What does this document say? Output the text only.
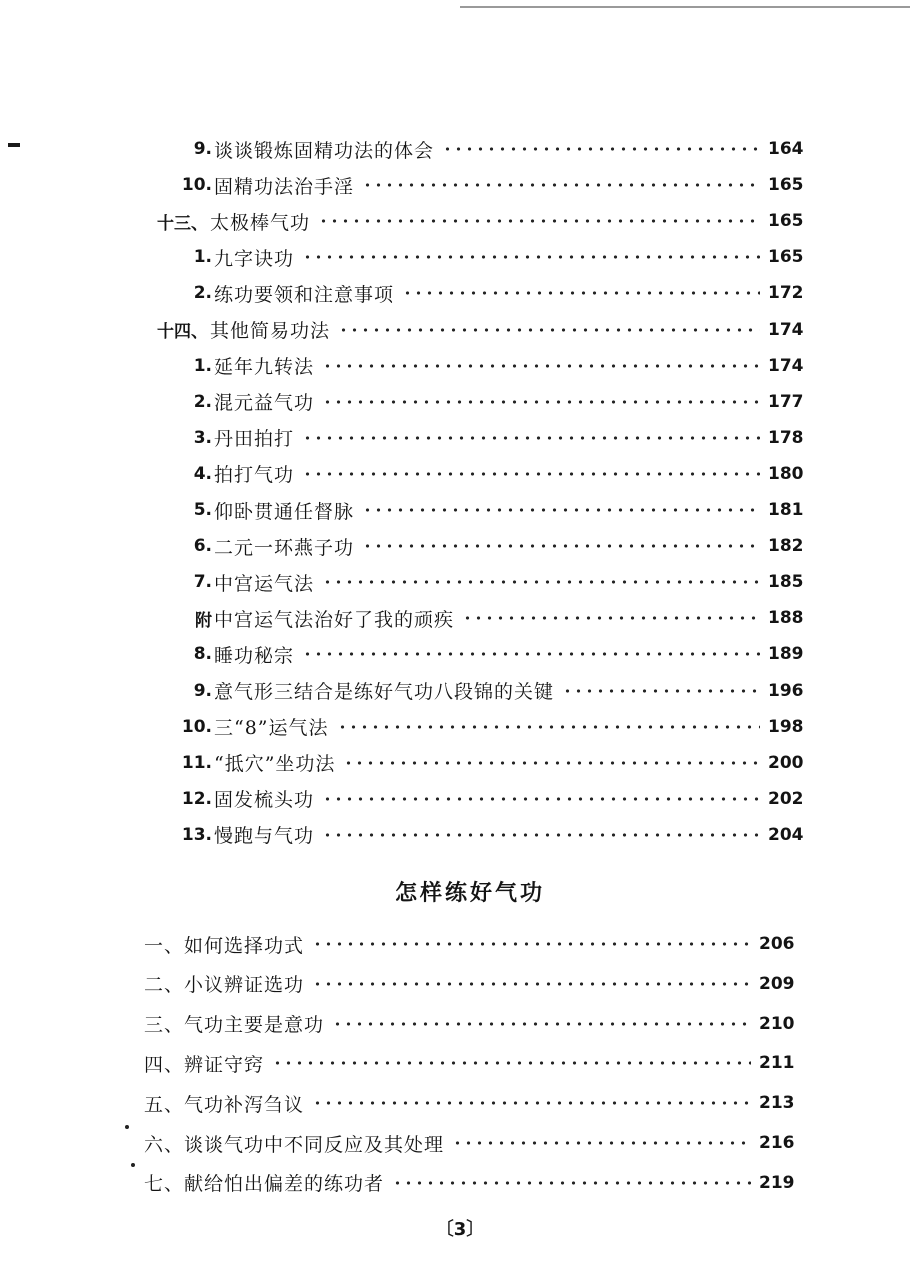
9. 谈谈锻炼固精功法的体会	164
10. 固精功法治手淫	165
十三、 太极棒气功	165
1. 九字诀功	165
2. 练功要领和注意事项	172
十四、 其他简易功法	174
1. 延年九转法	174
2. 混元益气功	177
3. 丹田拍打	178
4. 拍打气功	180
5. 仰卧贯通任督脉	181
6. 二元一环燕子功	182
7. 中宫运气法	185
附 中宫运气法治好了我的顽疾	188
8. 睡功秘宗	189
9. 意气形三结合是练好气功八段锦的关键	196
10. 三“8”运气法	198
11. “抵穴”坐功法	200
12. 固发梳头功	202
13. 慢跑与气功	204
怎样练好气功
一、如何选择功式	206
二、小议辨证选功	209
三、气功主要是意功	210
四、辨证守窍	211
五、气功补泻刍议	213
六、谈谈气功中不同反应及其处理	216
七、献给怕出偏差的练功者	219
〔3〕
